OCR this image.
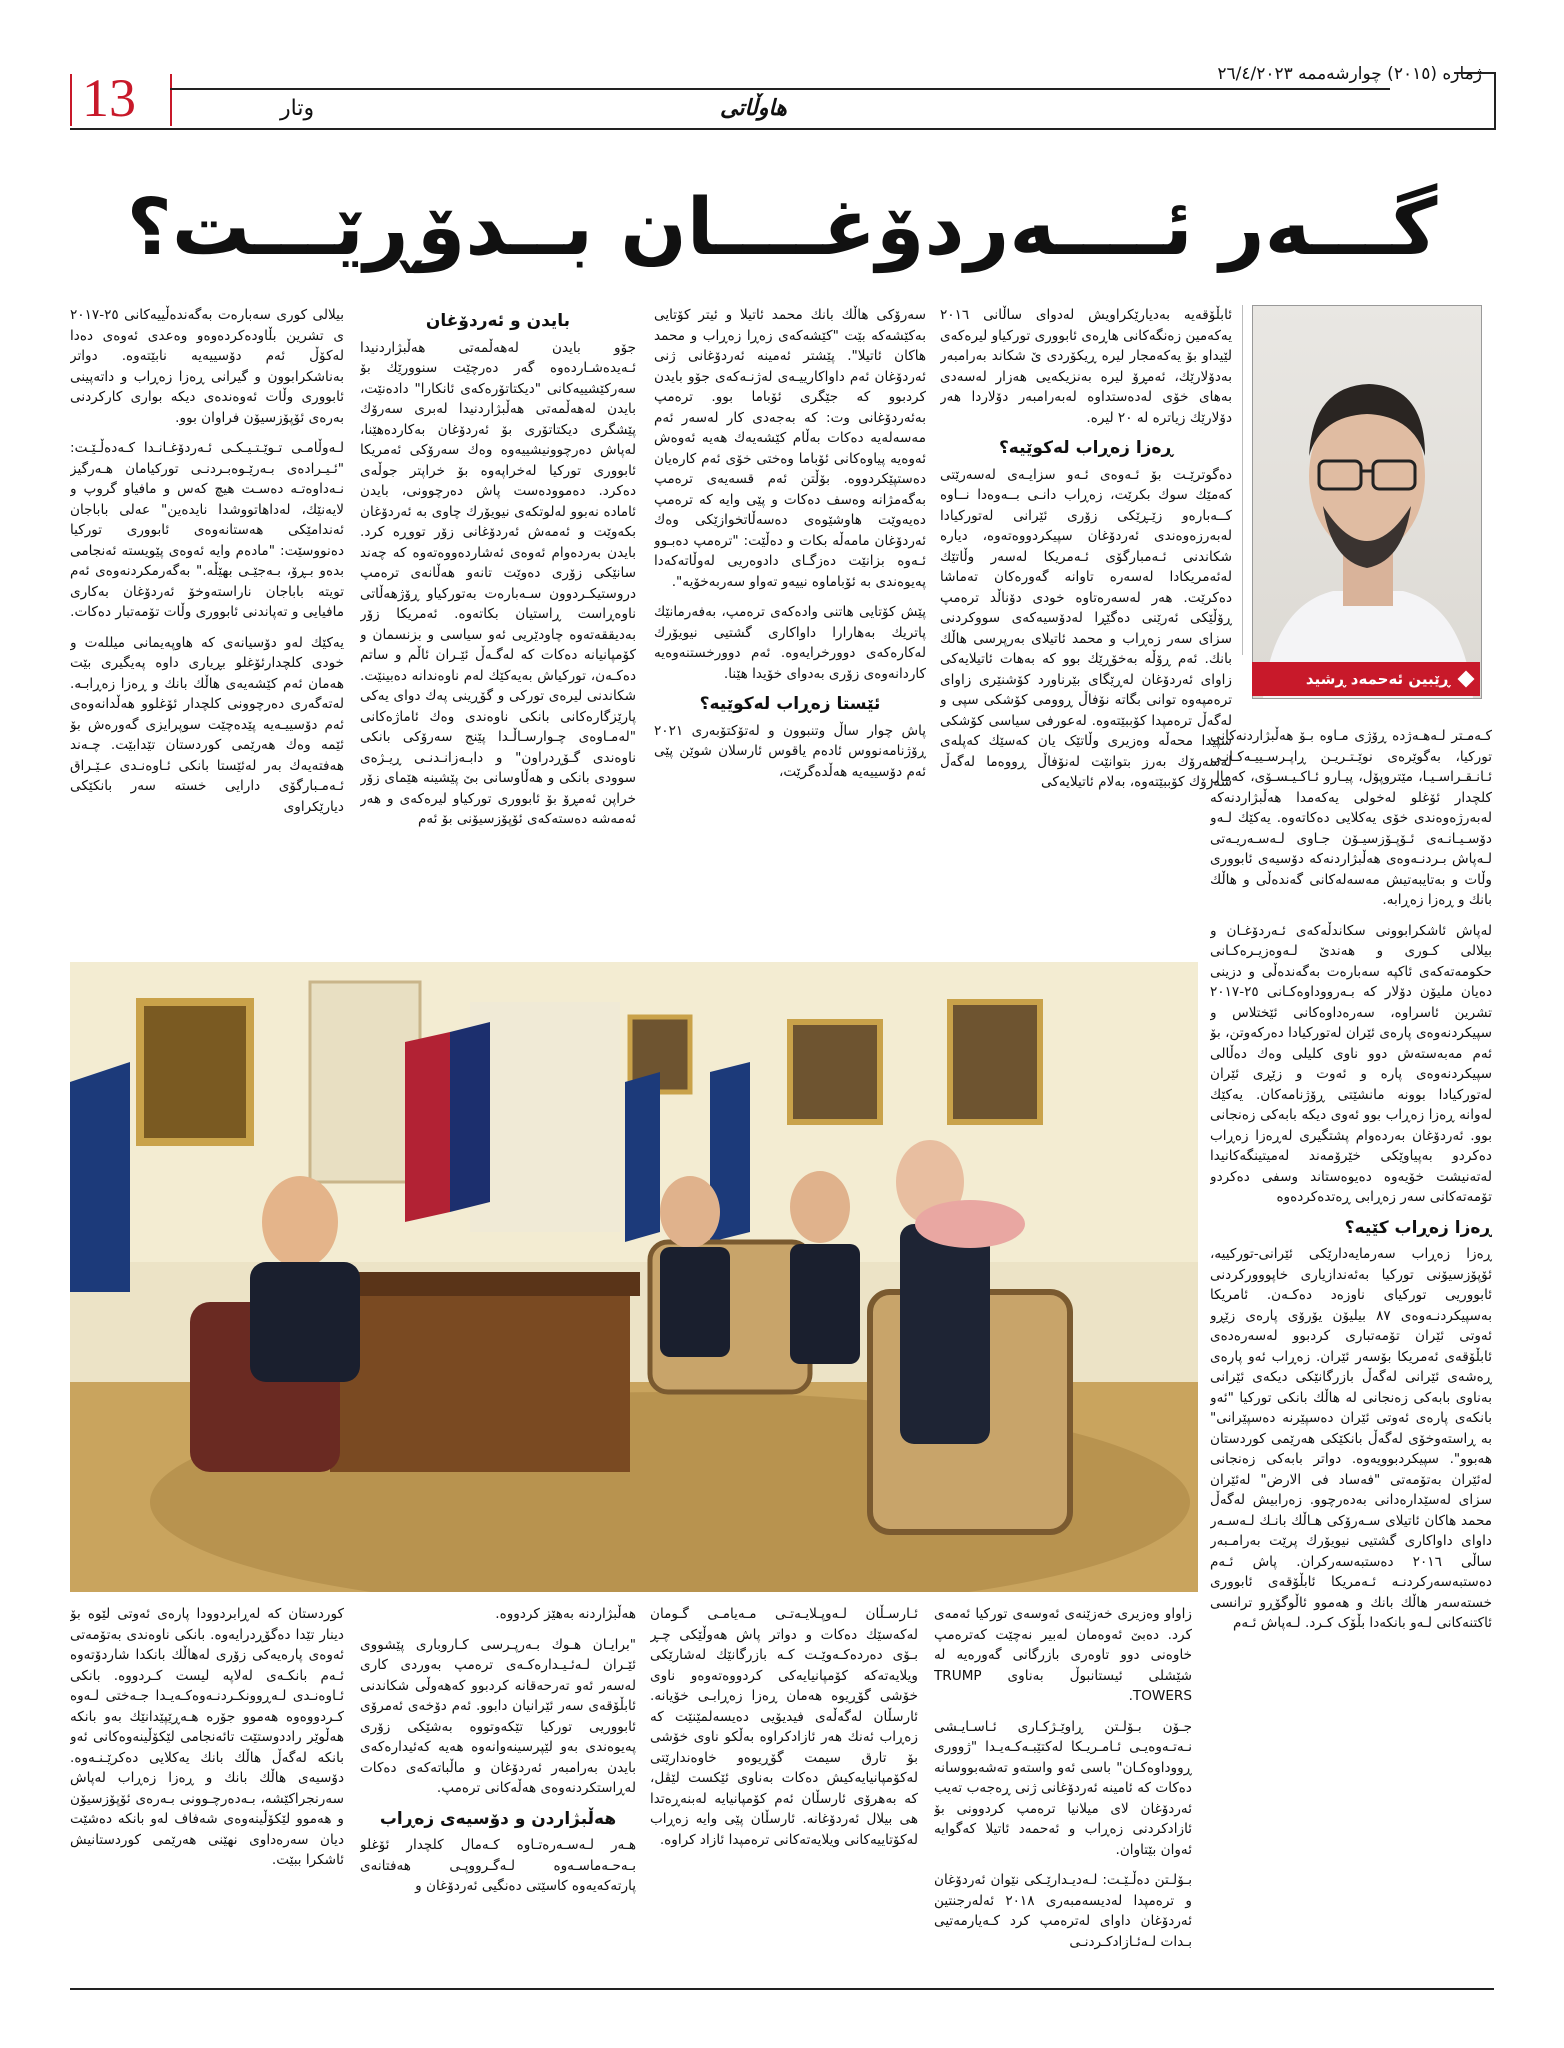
13	وتار	هاوڵاتی
ژمارە (٢٠١٥) چوارشەممە ٢٦/٤/٢٠٢٣
گـــەر ئــــەردۆغــــان بــدۆڕێـــت؟
ڕێبین ئەحمەد ڕشید

ئابڵۆقەیە بەدیارێکراویش لەدوای ساڵانی ٢٠١٦ یەکەمین زەنگەکانی هاڕەی ئابووری تورکیاو لیرەکەی لێیداو بۆ یەکەمجار لیرە ڕیکۆردی ێ شکاند بەرامبەر بەدۆلارێك، ئەمڕۆ لیرە بەنزیکەیی هەزار لەسەدی بەهای خۆی لەدەستداوە لەبەرامبەر دۆلاردا هەر دۆلارێك زیاترە لە ٢٠ لیرە.

ڕەزا زەڕاب لەکوێیە؟

دەگوترێـت بۆ ئـەوەی ئـەو سزایـەی لەسەرێتی کەمێك سوك بکرێت، زەڕاب دانـی بــەوەدا نــاوە کــەبارەو زێـڕێکی زۆری ئێرانی لەتورکیادا لەبەرزەوەندی ئەردۆغان سپیکردووەتەوە، دیارە شکاندنی ئـەمبارگۆی ئـەمریکا لەسەر وڵاتێك لەئەمریکادا لەسەرە تاوانە گەورەکان تەماشا دەکرێت. هەر لەسەرەتاوە خودی دۆناڵد ترەمپ ڕۆڵێکی ئەرێنی دەگێڕا لەدۆسیەکەی سووکردنی سزای سەر زەڕاب و محمد ئاتیلای بەرپرسی هاڵك بانك. ئەم ڕۆڵە بەخۆڕێك بوو کە بەهات ئاتیلایەکی زاوای ئەردۆغان لەڕێگای بێرناورد کۆشنێری زاوای ترەمپەوە توانی بگاتە نۆفاڵ ڕوومی کۆشکی سپی و لەگەڵ ترەمپدا کۆببێتەوە. لەعورفی سیاسی کۆشکی سپیدا محەڵە وەزیری وڵاتێک یان کەسێك کەپلەی لەسەرۆك بەرز بتوانێت لەنۆفاڵ ڕووەما لەگەڵ سەرۆك کۆببێتەوە، بەلام ئاتیلایەکی

سەرۆکی هاڵك بانك محمد ئاتیلا و ئیتر کۆتایی بەکێشەکە بێت "کێشەکەی زەڕا زەڕاب و محمد هاکان ئاتیلا". پێشتر ئەمینە ئەردۆغانی ژنی ئەردۆغان ئەم داواکارییـەی لەژنـەکەی جۆو بایدن کردبوو کە جێگری ئۆباما بوو. ترەمپ بەئەردۆغانی وت: کە بەجەدی کار لەسەر ئەم مەسەلەیە دەکات بەڵام کێشەیەك هەیە ئەوەش ئەوەیە پیاوەکانی ئۆباما وەختی خۆی ئەم کارەیان دەستپێکردووە. بۆڵتن ئەم قسەیەی ترەمپ بەگەمژانە وەسف دەکات و پێی وایە کە ترەمپ دەیەوێت هاوشێوەی دەسەڵاتخوازێکی وەك ئەردۆغان مامەڵە بکات و دەڵێت: "ترەمپ دەبـوو ئـەوە بزانێت دەزگـای دادوەریی لەوڵاتەکەدا پەیوەندی بە ئۆباماوە نییەو تەواو سەربەخۆیە".

پێش کۆتایی هاتنی وادەکەی ترەمپ، بەفەرمانێك پاتریك بەهارارا داواکاری گشتیی نیویۆرك لەکارەکەی دوورخرایەوە. ئەم دوورخستنەوەیە کاردانەوەی زۆری بەدوای خۆیدا هێنا.

ئێستا زەڕاب لەکوێیە؟

پاش چوار ساڵ وتنبوون و لەتۆکتۆبەری ٢٠٢١ ڕۆژنامەنووس ئادەم یاقوس ئارسلان شوێن پێی ئەم دۆسییەیە هەڵدەگرێت،

بایدن و ئەردۆغان

جۆو بایدن لەهەڵمەتی هەڵبژاردنیدا ئـەیدەشـاردەوە گەر دەرچێت سنوورێك بۆ سەرکێشییەکانی "دیکتاتۆرەکەی ئانکارا" دادەنێت، بایدن لەهەڵمەتی هەڵبژاردنیدا لەبری سەرۆك پێشگری دیکتاتۆری بۆ ئەردۆغان بەکاردەهێنا، لەپاش دەرچوونیشییەوە وەك سەرۆکی ئەمریکا ئابووری تورکیا لەخراپەوە بۆ خراپتر جوڵەی دەکرد. دەموودەست پاش دەرچوونی، بایدن ئامادە نەبوو لەلوتکەی نیویۆرك چاوی بە ئەردۆغان بکەوێت و ئەمەش ئەردۆغانی زۆر تووڕە کرد. بایدن بەردەوام ئەوەی ئەشاردەووەتەوە کە چەند سانێکی زۆری دەوێت تانەو هەڵانەی ترەمپ دروستیکـردوون سـەبارەت بەتورکیاو ڕۆژهەڵاتی ناوەڕاست ڕاستیان بکاتەوە. ئەمریکا زۆر بەدیققەتەوە چاودێریی ئەو سیاسی و بزنسمان و کۆمپانیانە دەکات کە لەگـەڵ ئێـران ئاڵم و ساتم دەکـەن، تورکیاش بەیەکێك لەم ناوەندانە دەبینێت. شکاندنی لیرەی تورکی و گۆڕینی پەك دوای یەکی پارێزگارەکانی بانکی ناوەندی وەك ئاماژەکانی "لەمـاوەی چـوارسـاڵـدا پێنج سەرۆکی بانکی ناوەندی گـۆڕدراون" و دابـەزانـدنـی ڕیـژەی سوودی بانکی و هەڵاوسانی بێ پێشینە هێمای زۆر خراپن ئەمڕۆ بۆ ئابووری تورکیاو لیرەکەی و هەر ئەمەشە دەستەکەی ئۆپۆزسیۆنی بۆ ئەم

بیلالی کوری سەبارەت بەگەندەڵییەکانی ٢٥-٢٠١٧ ی تشرین بڵاودەکردەوەو وەعدی ئەوەی دەدا لەکۆڵ ئەم دۆسییەیە نابێتەوە. دواتر بەناشکرابوون و گیرانی ڕەزا زەڕاب و داتەپینی ئابووری وڵات ئەوەندەی دیکە بواری کارکردنی بەرەی ئۆپۆزسیۆن فراوان بوو.

لـەوڵامـی تـوێـتـیـکـی ئـەردۆغـانـدا کـەدەڵـێـت: "ئـیـرادەی بـەرێـوەبـردنـی تورکیامان هـەرگیز نـەداوەتـە دەسـت هیچ کەس و مافیاو گروپ و لایەنێك، لەداهاتووشدا نایدەین" عەلی باباجان ئەندامێکی هەستانەوەی ئابووری تورکیا دەنووسێت: "مادەم وایە ئەوەی پێویستە ئەنجامی بدەو بـڕۆ، بـەجێـی بهێڵە." بەگەرمکردنەوەی ئەم تویتە باباجان ناراستەوخۆ ئەردۆغان بەکاری مافیایی و تەپاندنی ئابووری وڵات تۆمەتبار دەکات.

یەکێك لەو دۆسیانەی کە هاوپەیمانی میللەت و خودی کلچدارئۆغلو بڕیاری داوە پەیگیری بێت هەمان ئەم کێشەیەی هاڵك بانك و ڕەزا زەڕابـە. لەتەگەری دەرچوونی کلچدار ئۆغلوو هەڵدانەوەی ئەم دۆسییـەیە پێدەچێت سوپرایزی گەورەش بۆ ئێمە وەك هەرێمی کوردستان تێدابێت. چـەند هەفتەیەك بەر لەئێستا بانکی ئـاوەنـدی عـێـراق ئـەمـبارگۆی دارایی خستە سەر بانکێکی دیارێکراوی

کـەمـتر لـەهـەژدە ڕۆژی مـاوە بـۆ هەڵبژاردنەکانی تورکیا، بەگوێرەی نوێـتـریـن ڕاپـرسـییـەکـانـی ئـانـقـراسـیـا، مێتروپۆل، پیـارو ئـاکـیـسـۆی، کەمال کلچدار ئۆغلو لەخولی یەکەمدا هەڵبژاردنەکە لەبەرژەوەندی خۆی یەکلایی دەکاتەوە. یەکێك لـەو دۆسـیـانـەی ئـۆپـۆزسیـۆن جـاوی لـەسـەریـەتی لـەپاش بـردنـەوەی هەڵبژاردنەکە دۆسیەی ئابووری وڵات و بەتایبەتیش مەسەلەکانی گەندەڵی و هاڵك بانك و ڕەزا زەڕابە.

لەپاش ئاشکرابوونی سکاندڵەکەی ئـەردۆغـان و بیلالی کـوری و هەندێ لـەوەزیـرەکـانی حکومەتەکەی ئاکپە سەبارەت بەگەندەڵی و دزینی دەیان ملیۆن دۆلار کە بـەرووداوەکـانی ٢٥-٢٠١٧ تشرین ئاسراوە، سەرەداوەکانی ئێختلاس و سپیکردنەوەی پارەی ئێران لەتورکیادا دەرکەوتن، بۆ ئەم مەبەستەش دوو ناوی کلیلی وەك دەڵالی سپیکردنەوەی پارە و ئەوت و زێڕی ئێران لەتورکیادا بوونە مانشێتی ڕۆژنامەکان. یەکێك لەوانە ڕەزا زەڕاب بوو ئەوی دیکە بابەکی زەنجانی بوو. ئەردۆغان بەردەوام پشتگیری لەڕەزا زەڕاب دەکردو بەپیاوێکی خێرۆمەند لەمیتینگەکانیدا لەتەنیشت خۆیەوە دەیوەستاند وسفی دەکردو تۆمەتەکانی سەر زەڕابی ڕەتدەکردەوە

ڕەزا زەڕاب کێیە؟

ڕەزا زەڕاب سەرمایەدارێکی ئێرانی-تورکییە، ئۆپۆزسیۆنی تورکیا بەئەندازیاری خاپووورکردنی ئابووریی تورکیای ناوزەد دەکـەن. ئامریکا بەسپیکردنـەوەی ٨٧ بیلیۆن یۆرۆی پارەی زێڕو ئەوتی ئێران تۆمەتباری کردبوو لەسەرەدەی ئابڵۆقەی ئەمریکا بۆسەر ئێران. زەڕاب ئەو پارەی ڕەشەی ئێرانی لەگەڵ بازرگانێکی دیکەی ئێرانی بەناوی بابەکی زەنجانی لە هاڵك بانکی تورکیا "ئەو بانکەی پارەی ئەوتی ئێران دەسپێرنە دەسپێرانی" بە ڕاستەوخۆی لەگەڵ بانکێکی هەرێمی کوردستان هەبوو". سپیکردبوویەوە. دواتر بابەکی زەنجانی لەئێران بەتۆمەتی "فەساد فی الارض" لەئێران سزای لەسێدارەدانی بەدەرچوو. زەرابیش لەگەڵ محمد هاکان ئاتیلای سـەرۆکی هـاڵك بانـك لـەسـەر داوای داواکاری گشتیی نیویۆرك پرێت بەرامـبەر ساڵی ٢٠١٦ دەستبەسەرکران. پاش ئـەم دەستبەسەرکردنـە ئـەمریکا ئابڵۆقەی ئابووری خستەسەر هاڵك بانك و هەموو ئاڵوگۆڕو ترانسی ئاکتنەکانی لـەو بانکەدا بڵۆک کـرد. لـەپاش ئـەم

زاواو وەزیری خەزێنەی ئەوسەی تورکیا ئەمەی کرد. دەبێ ئەوەمان لەبیر نەچێت کەترەمپ خاوەنی دوو تاوەری بازرگانی گەورەیە لە شێشلی ئیستانبوڵ بەناوی TRUMP TOWERS.

جـۆن بـۆلـتن ڕاوێـژکـاری ئـاسـایـشی نـەتـەوەیـی ئـامـریـکا لەکتێبـەکـەیـدا "ژووری ڕووداوەکـان" باسی ئەو واستەو تەشەبووسانە دەکات کە ئامینە ئەردۆغانی ژنی ڕەجەب تەیب ئەردۆغان لای میلانیا ترەمپ کردوونی بۆ ئازادکردنی زەڕاب و ئەحمەد ئاتیلا کەگوایە ئەوان بێتاوان.

بـۆلـتن دەڵـێـت: لـەدیـدارێـکی نێوان ئەردۆغان و ترەمپدا لەدیسەمبەری ٢٠١٨ ئەلەرجنتین ئەردۆغان داوای لەترەمپ کرد کـەیارمەتیی بـدات لـەئـازادکـردنـی

ئـارسـڵان لـەوپـلایـەتـی مـەیامـی گـومان لەکەسێك دەکات و دواتر پاش هەوڵێکی چـڕ بـۆی دەردەکـەوێـت کـە بازرگانێك لەشارێکی ویلایەتەکە کۆمپانیایەکی کردووەتەوەو ناوی خۆشی گۆڕیوە هەمان ڕەزا زەڕابـی خۆیانە. ئارسڵان لەگەڵەی فیدیۆیی دەیسەلمێنێت کە زەڕاب ئەنك هەر ئازادکراوە بەڵکو ناوی خۆشی بۆ تارق سیمت گۆڕیوەو خاوەندارێتی لەکۆمپانیایەکیش دەکات بەناوی ئێکست لێڤل، کە بەهرۆی ئارسڵان ئەم کۆمپانیایە لەبنەڕەتدا هی بیلال ئەردۆغانە. ئارسڵان پێی وایە زەڕاب لەکۆتاییەکانی ویلایەتەکانی ترەمپدا ئازاد کراوە.

هەڵبژاردنە بەهێز کردووە.

"برایـان هـوك بـەرپـرسی کـاروباری پێشووی ئێـران لـەئـیـدارەکـەی ترەمپ بەوردی کاری لەسەر ئەو تەرحەقانە کردبوو کەهەوڵی شکاندنی ئابڵۆقەی سەر ئێرانیان دابوو. ئەم دۆخەی ئەمرۆی ئابووریی تورکیا تێکەوتووە بەشێکی زۆری پەیوەندی بەو لێپرسینەوانەوە هەیە کەئیدارەکەی بایدن بەرامبەر ئەردۆغان و ماڵباتەکەی دەکات لەڕاستکردنەوەی هەڵەکانی ترەمپ.

هەڵبژاردن و دۆسیەی زەڕاب

هـەر لـەسـەرەتـاوە کـەمال کلچدار ئۆغلو بـەحـەماسـەوە لـەگـرووپـی هەفتانەی پارتەکەیەوە کاسێتی دەنگیی ئەردۆغان و

کوردستان کە لەڕابردوودا پارەی ئەوتی لێوە بۆ دینار تێدا دەگۆڕدرایەوە. بانکی ناوەندی بەتۆمەتی ئەوەی پارەیەکی زۆری لەهاڵك بانکدا شاردۆتەوە ئـەم بانکـەی لەلاپە لیست کـردووە. بانکی ئـاوەنـدی لـەڕوونکـردنـەوەکـەیـدا جـەختی لـەوە کـردووەوە هەموو جۆرە هـەڕێپێدانێك بەو بانکە هەڵوێر راددوستێت تائەنجامی لێکۆڵینەوەکانی ئەو بانکە لەگەڵ هاڵك بانك یەکلایی دەکرێـنـەوە. دۆسیەی هاڵك بانك و ڕەزا زەڕاب لەپاش سەرنجراکێشە، بـەدەرچـوونی بـەرەی ئۆپۆزسیۆن و هەموو لێکۆڵینەوەی شەفاف لەو بانکە دەشێت دیان سەرەداوی نهێنی هەرێمی کوردستانیش ئاشکرا ببێت.
